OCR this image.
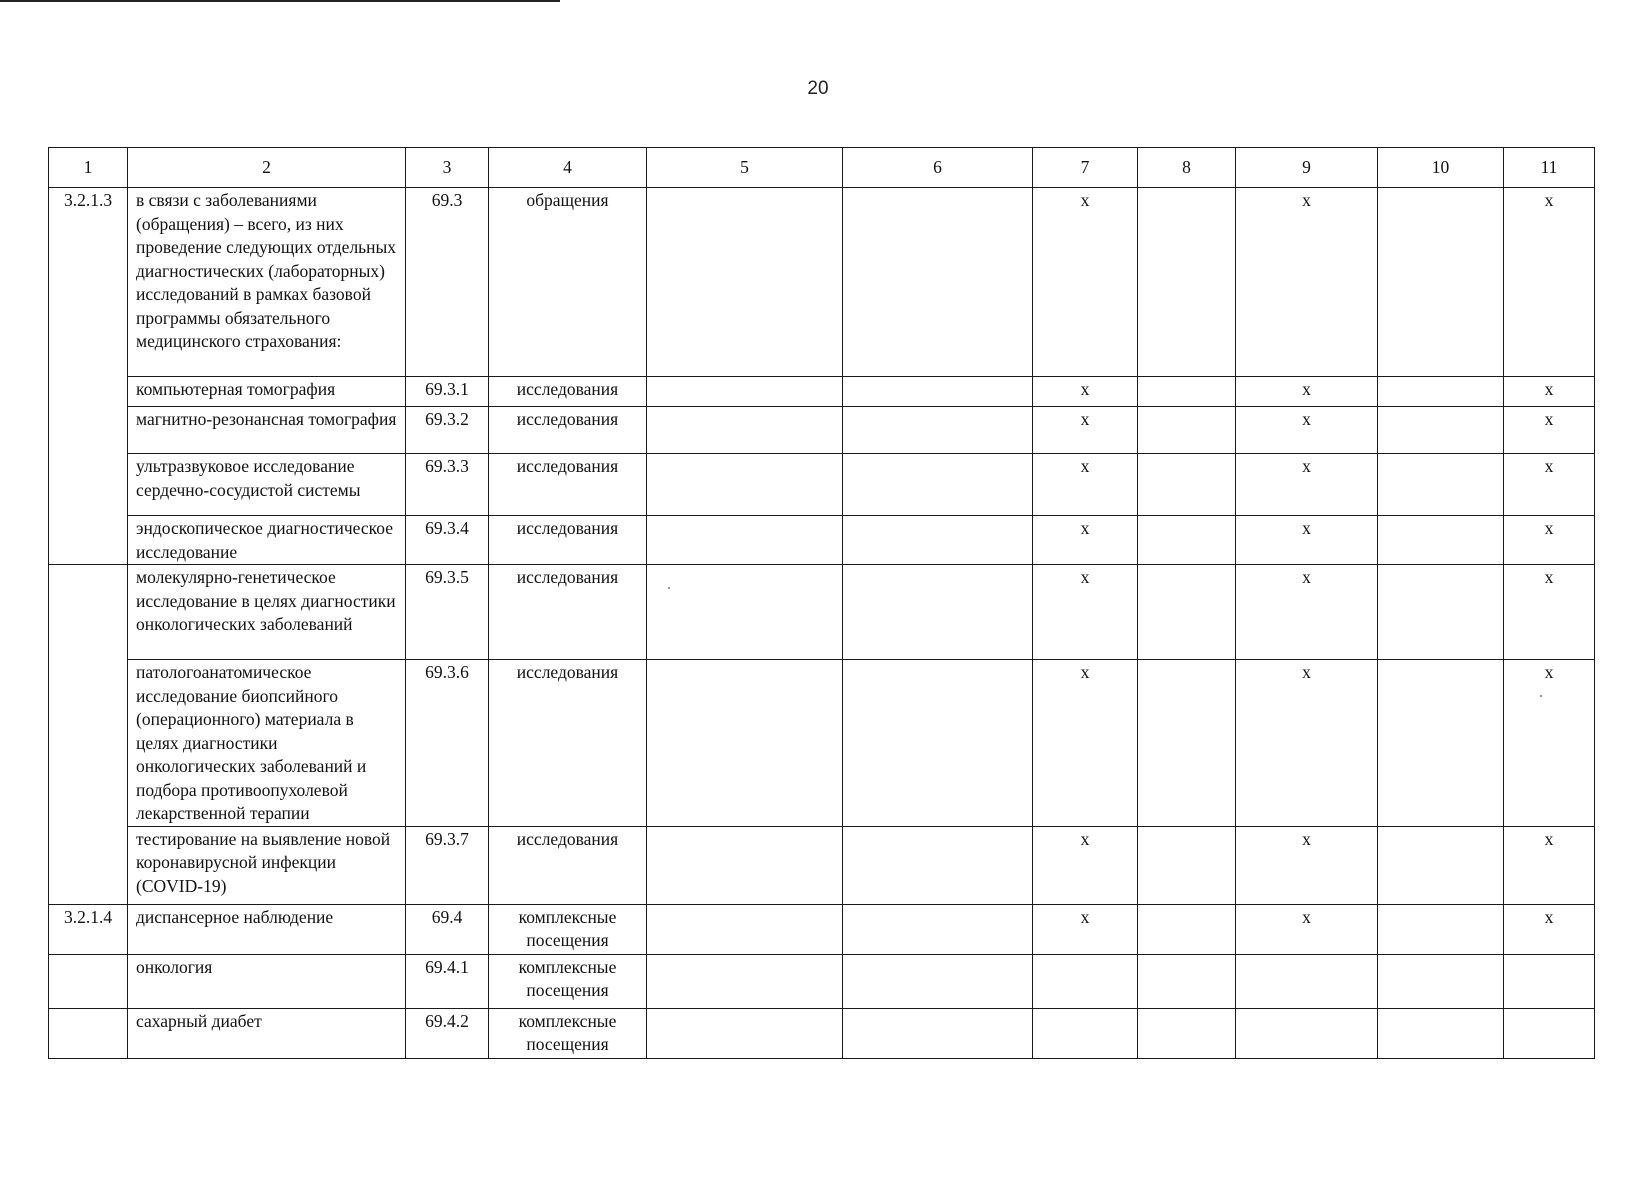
20
1	2	3	4	5	6	7	8	9	10	11
3.2.1.3	в связи с заболеваниями (обращения) – всего, из них проведение следующих отдельных диагностических (лабораторных) исследований в рамках базовой программы обязательного медицинского страхования:	69.3	обращения			х		х		х
	компьютерная томография	69.3.1	исследования			х		х		х
	магнитно-резонансная томография	69.3.2	исследования			х		х		х
	ультразвуковое исследование сердечно-сосудистой системы	69.3.3	исследования			х		х		х
	эндоскопическое диагностическое исследование	69.3.4	исследования			х		х		х
	молекулярно-генетическое исследование в целях диагностики онкологических заболеваний	69.3.5	исследования			х		х		х
	патологоанатомическое исследование биопсийного (операционного) материала в целях диагностики онкологических заболеваний и подбора противоопухолевой лекарственной терапии	69.3.6	исследования			х		х		х
	тестирование на выявление новой коронавирусной инфекции (COVID-19)	69.3.7	исследования			х		х		х
3.2.1.4	диспансерное наблюдение	69.4	комплексные посещения			х		х		х
	онкология	69.4.1	комплексные посещения							
	сахарный диабет	69.4.2	комплексные посещения							
